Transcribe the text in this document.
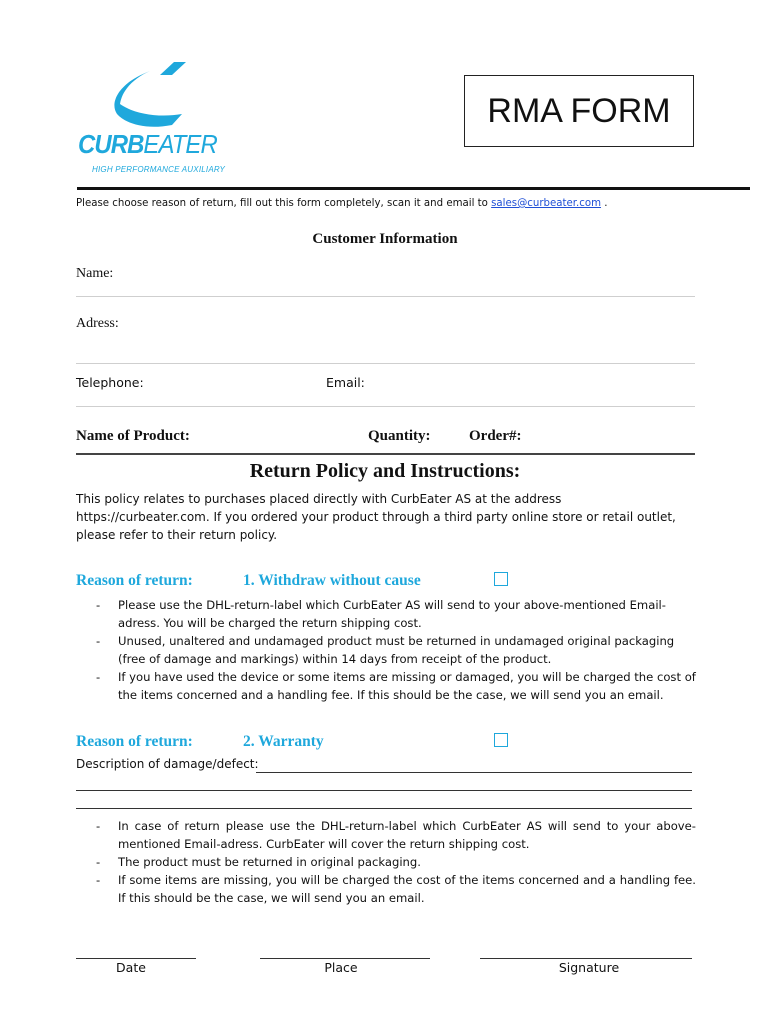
CURBEATER
HIGH PERFORMANCE AUXILIARY
RMA FORM
Please choose reason of return, fill out this form completely, scan it and email to sales@curbeater.com .
Customer Information
Name:
Adress:
Telephone:	Email:
Name of Product:	Quantity:	Order#:
Return Policy and Instructions:
This policy relates to purchases placed directly with CurbEater AS at the address https://curbeater.com. If you ordered your product through a third party online store or retail outlet, please refer to their return policy.
Reason of return:	1. Withdraw without cause
- Please use the DHL-return-label which CurbEater AS will send to your above-mentioned Email-adress. You will be charged the return shipping cost.
- Unused, unaltered and undamaged product must be returned in undamaged original packaging (free of damage and markings) within 14 days from receipt of the product.
- If you have used the device or some items are missing or damaged, you will be charged the cost of the items concerned and a handling fee. If this should be the case, we will send you an email.
Reason of return:	2. Warranty
Description of damage/defect:
- In case of return please use the DHL-return-label which CurbEater AS will send to your above-mentioned Email-adress. CurbEater will cover the return shipping cost.
- The product must be returned in original packaging.
- If some items are missing, you will be charged the cost of the items concerned and a handling fee. If this should be the case, we will send you an email.
Date	Place	Signature
